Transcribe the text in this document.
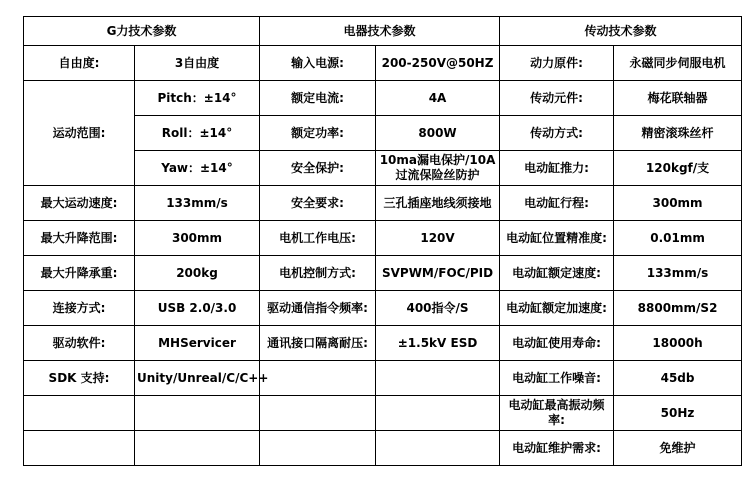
G力技术参数		电器技术参数		传动技术参数	
自由度:	3自由度	输入电源:	200-250V@50HZ	动力原件:	永磁同步伺服电机
运动范围:	Pitch：±14°	额定电流:	4A	传动元件:	梅花联轴器
	Roll：±14°	额定功率:	800W	传动方式:	精密滚珠丝杆
	Yaw：±14°	安全保护:	10ma漏电保护/10A过流保险丝防护	电动缸推力:	120kgf/支
最大运动速度:	133mm/s	安全要求:	三孔插座地线须接地	电动缸行程:	300mm
最大升降范围:	300mm	电机工作电压:	120V	电动缸位置精准度:	0.01mm
最大升降承重:	200kg	电机控制方式:	SVPWM/FOC/PID	电动缸额定速度:	133mm/s
连接方式:	USB 2.0/3.0	驱动通信指令频率:	400指令/S	电动缸额定加速度:	8800mm/S2
驱动软件:	MHServicer	通讯接口隔离耐压:	±1.5kV ESD	电动缸使用寿命:	18000h
SDK 支持:	Unity/Unreal/C/C++			电动缸工作噪音:	45db
				电动缸最高振动频率:	50Hz
				电动缸维护需求:	免维护
